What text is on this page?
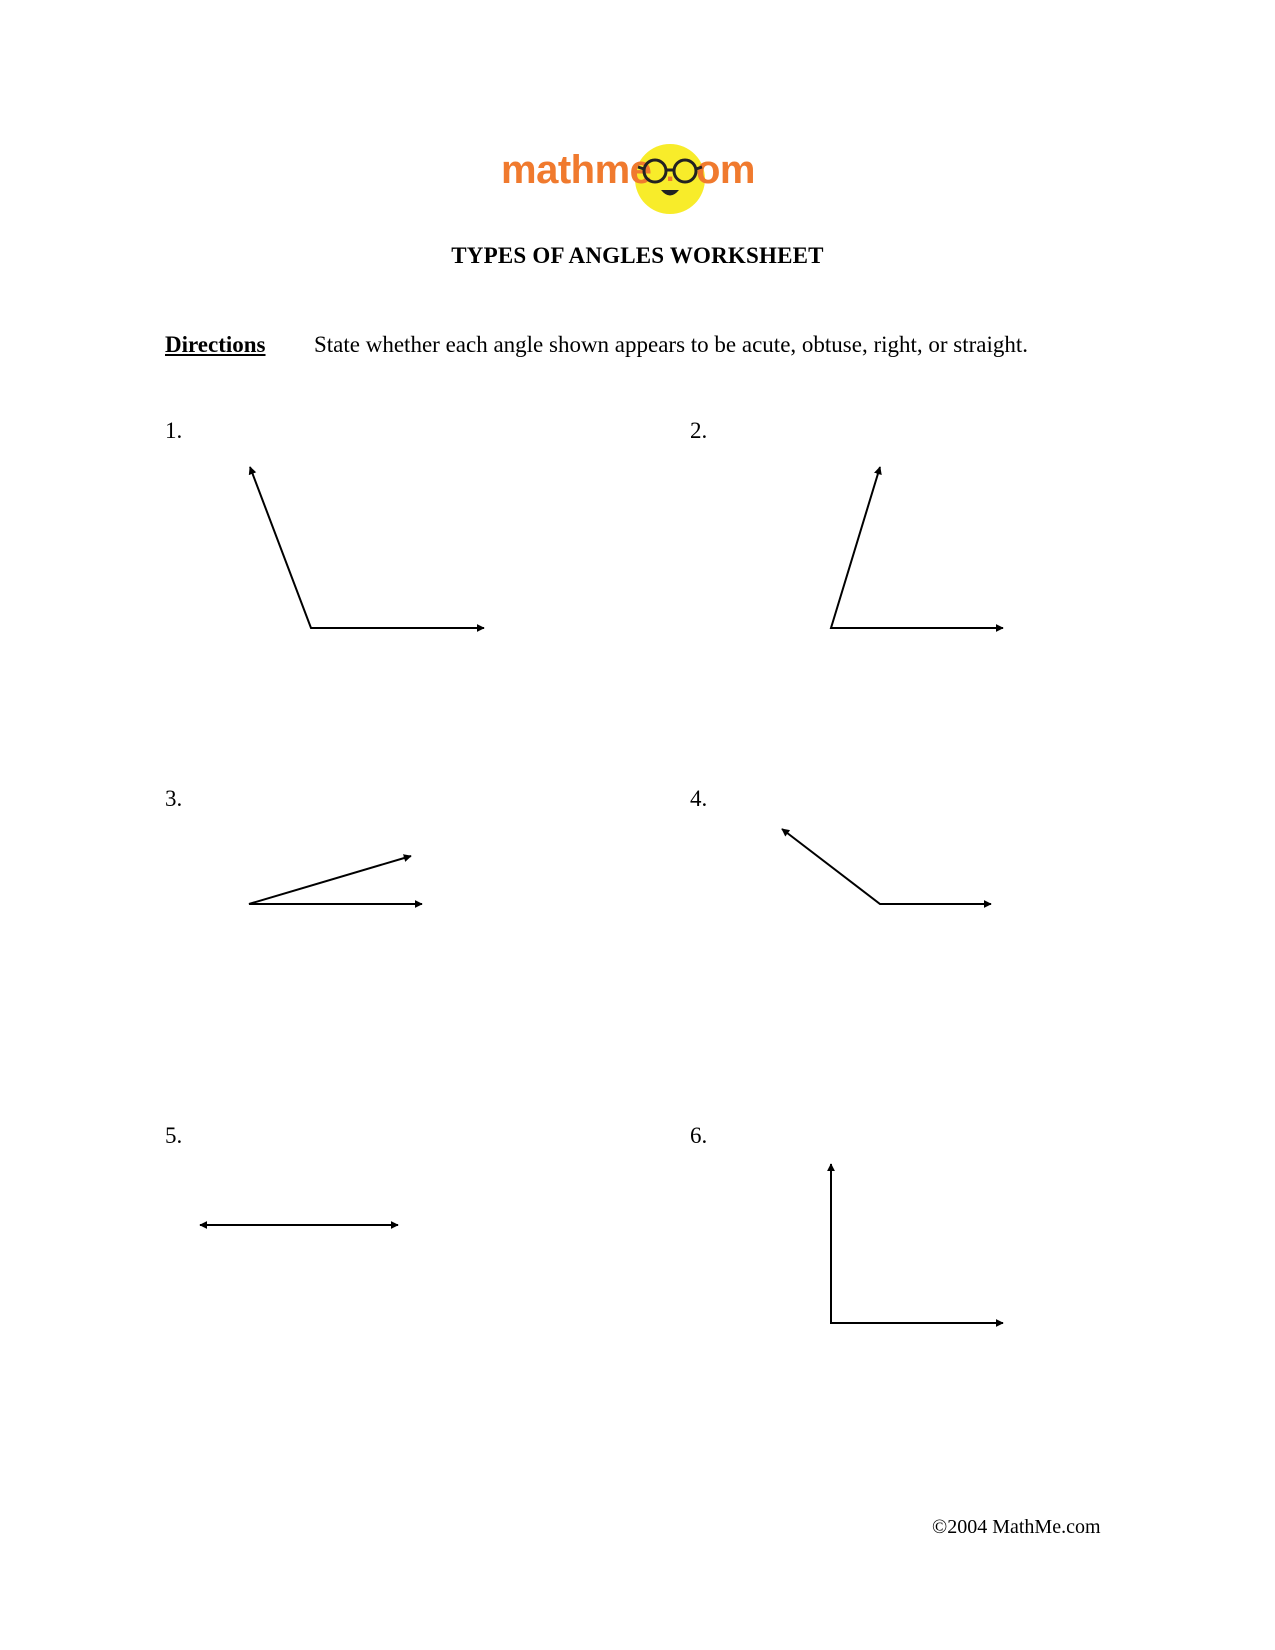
mathme om
.
TYPES OF ANGLES WORKSHEET
Directions State whether each angle shown appears to be acute, obtuse, right, or straight.
1.	2.
3.	4.
5.	6.
©2004 MathMe.com
